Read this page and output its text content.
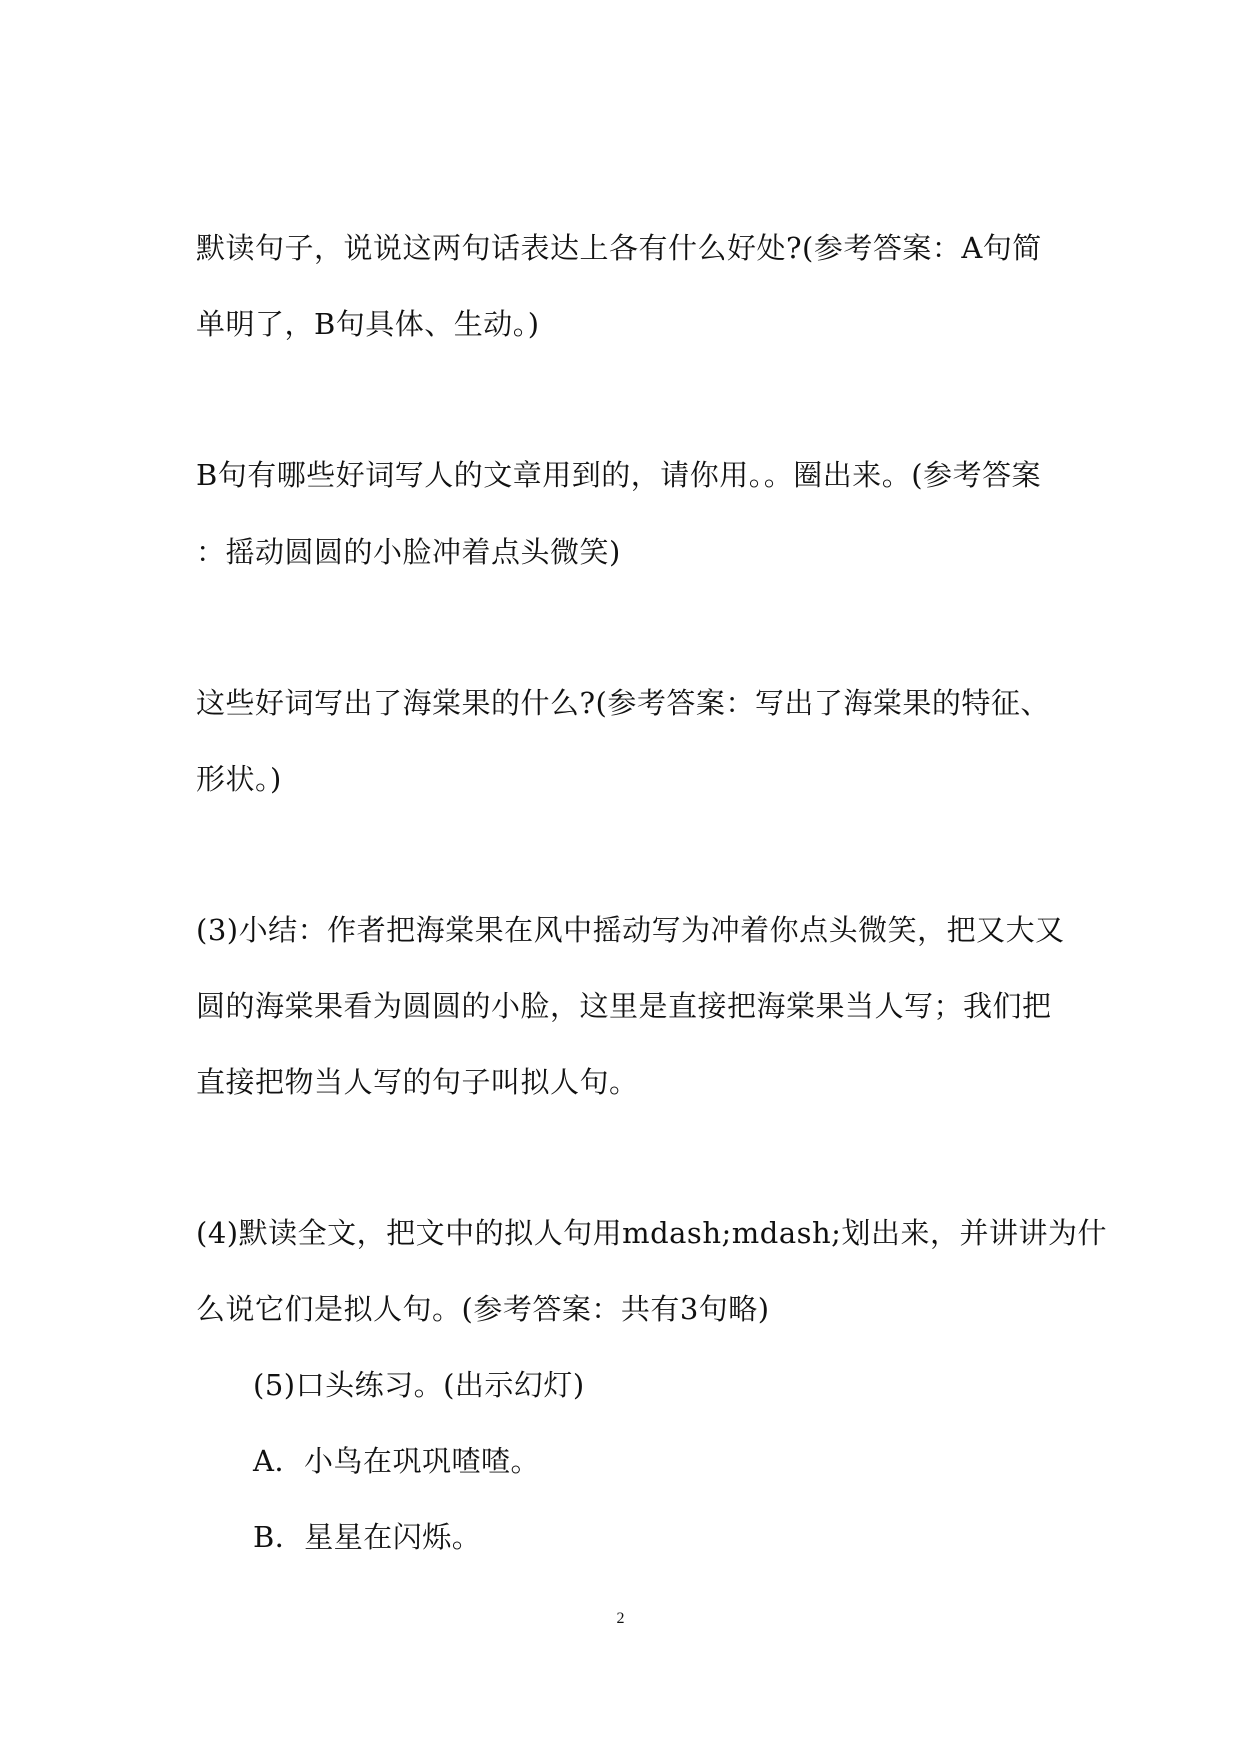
默读句子，说说这两句话表达上各有什么好处?(参考答案：A句简
单明了，B句具体、生动。)
B句有哪些好词写人的文章用到的，请你用。。圈出来。(参考答案
：摇动圆圆的小脸冲着点头微笑)
这些好词写出了海棠果的什么?(参考答案：写出了海棠果的特征、
形状。)
(3)小结：作者把海棠果在风中摇动写为冲着你点头微笑，把又大又
圆的海棠果看为圆圆的小脸，这里是直接把海棠果当人写；我们把
直接把物当人写的句子叫拟人句。
(4)默读全文，把文中的拟人句用mdash;mdash;划出来，并讲讲为什
么说它们是拟人句。(参考答案：共有3句略)
(5)口头练习。(出示幻灯)
A．小鸟在巩巩喳喳。
B．星星在闪烁。
2
